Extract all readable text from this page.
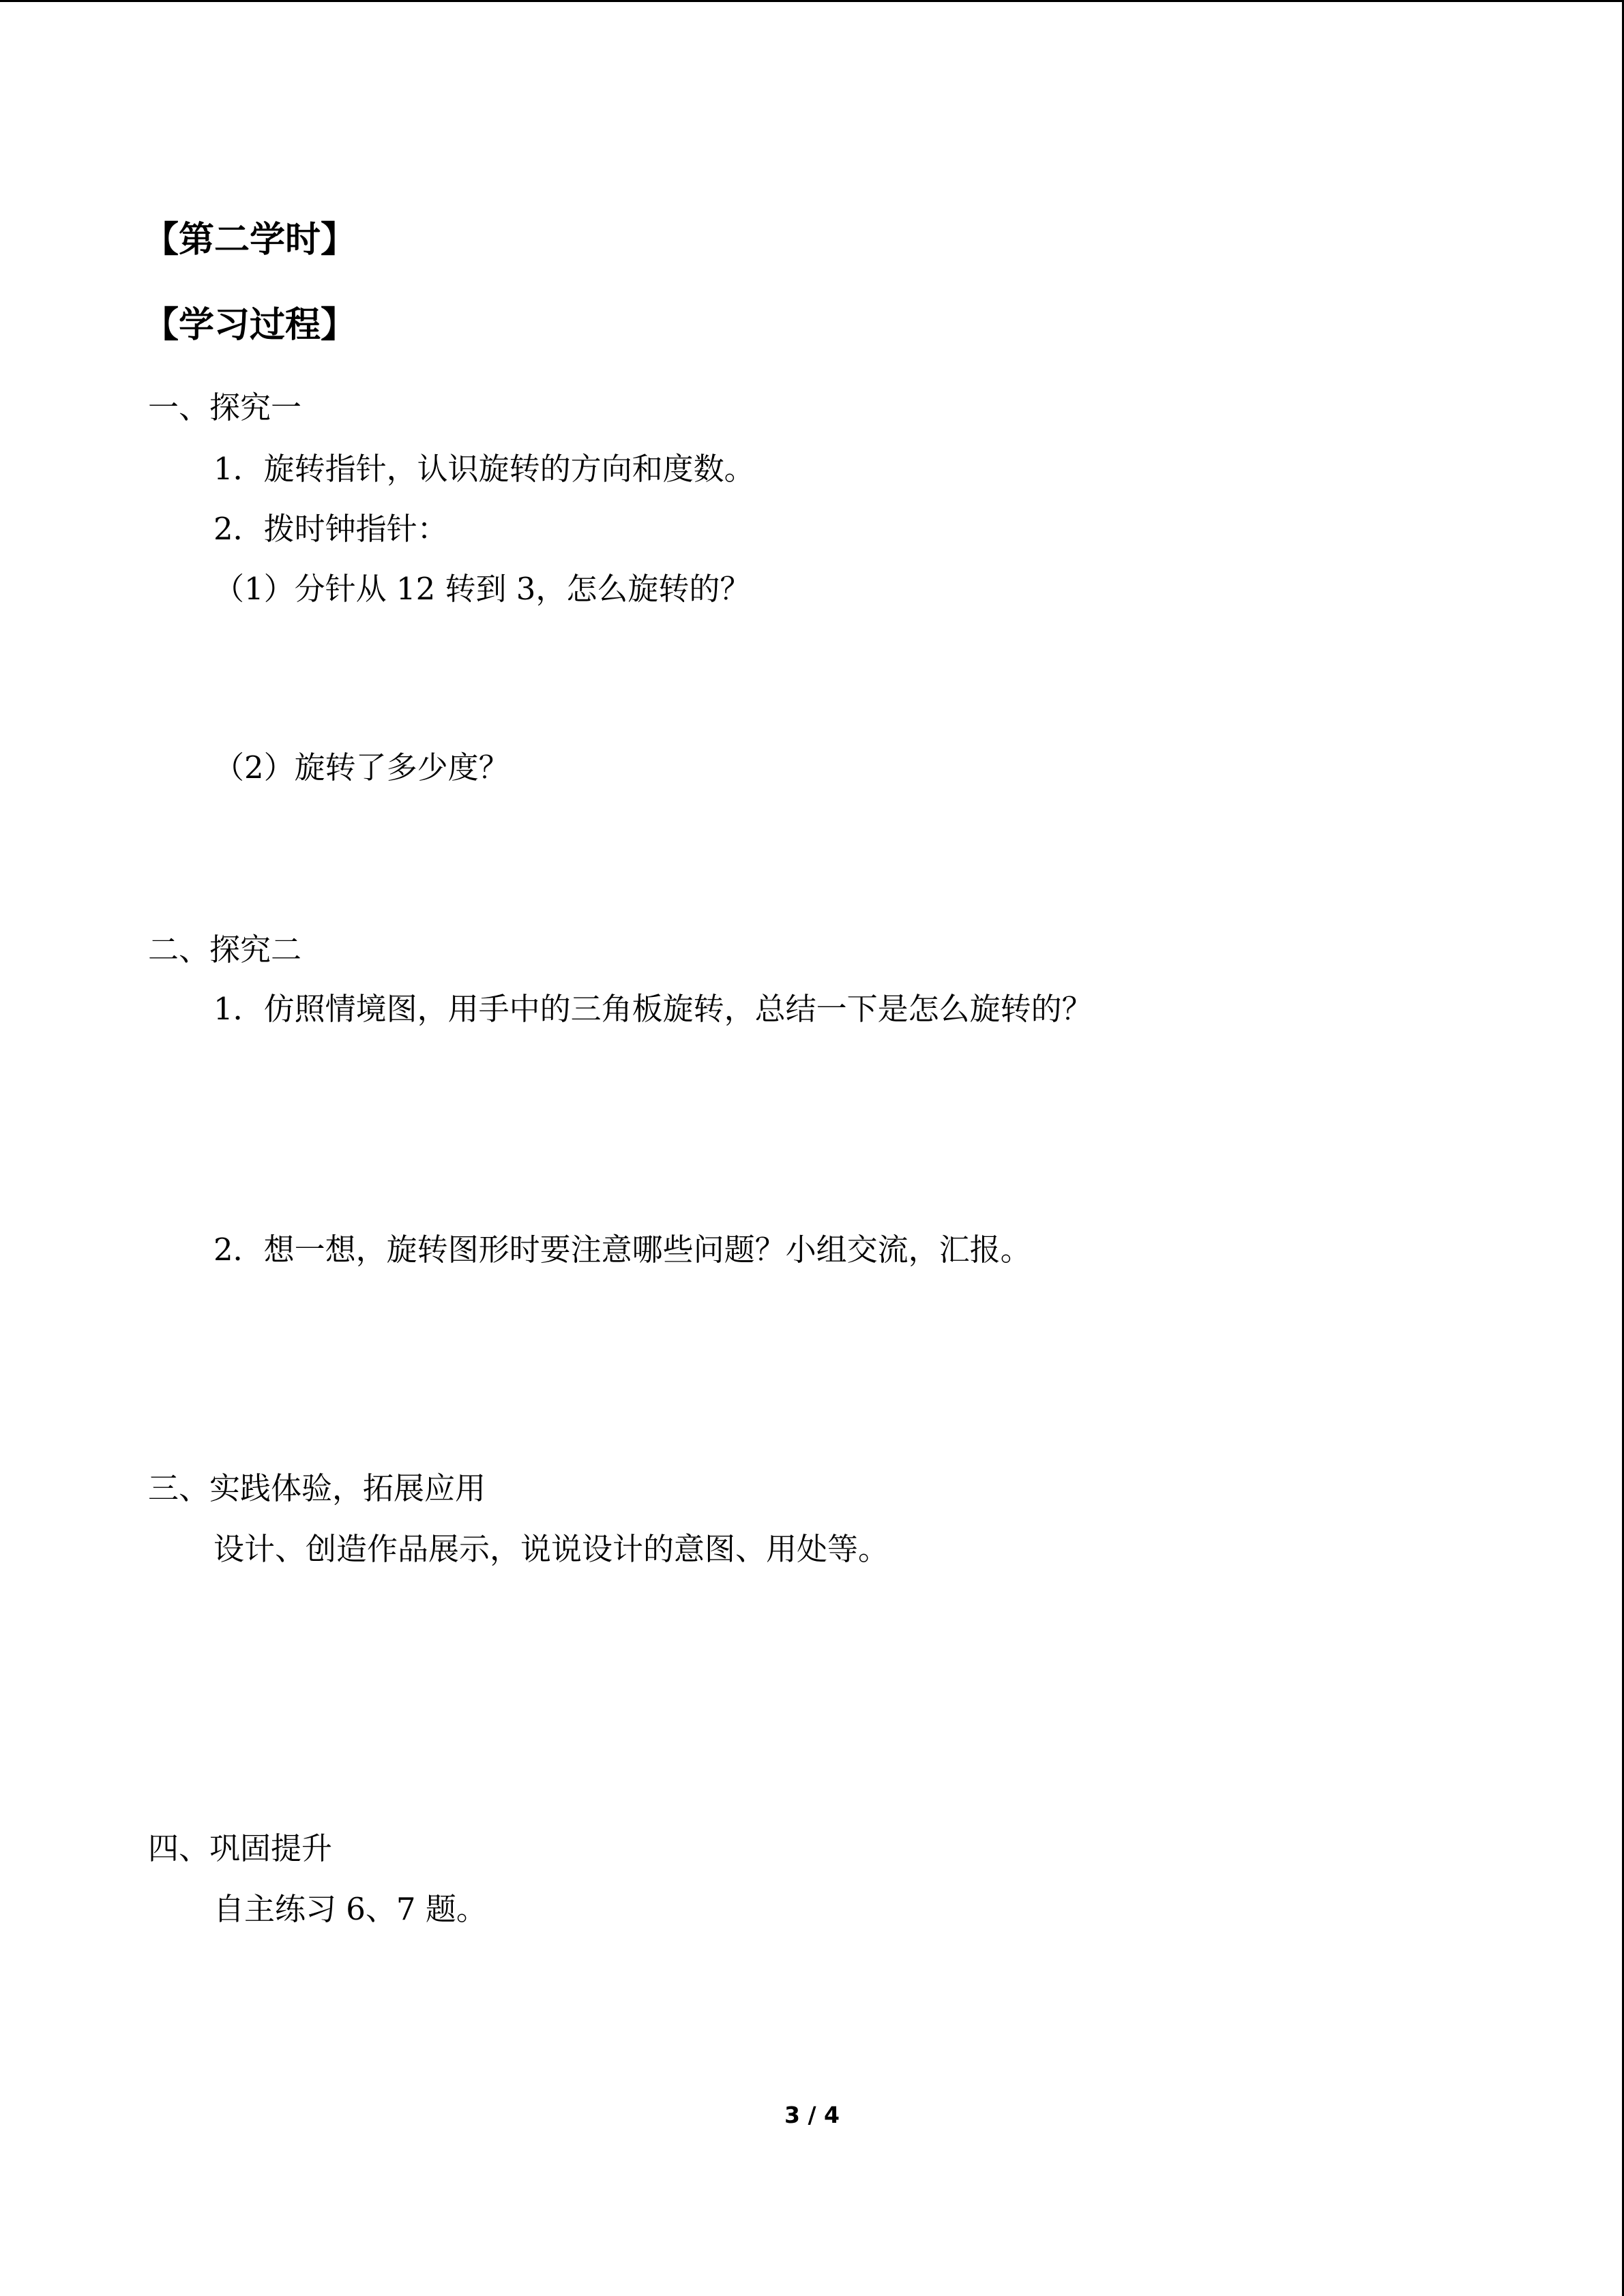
【第二学时】
【学习过程】
一、探究一
1．旋转指针，认识旋转的方向和度数。
2．拨时钟指针：
（1）分针从 12 转到 3，怎么旋转的？
（2）旋转了多少度？
二、探究二
1．仿照情境图，用手中的三角板旋转，总结一下是怎么旋转的？
2．想一想，旋转图形时要注意哪些问题？小组交流，汇报。
三、实践体验，拓展应用
设计、创造作品展示，说说设计的意图、用处等。
四、巩固提升
自主练习 6、7 题。
3 / 4
